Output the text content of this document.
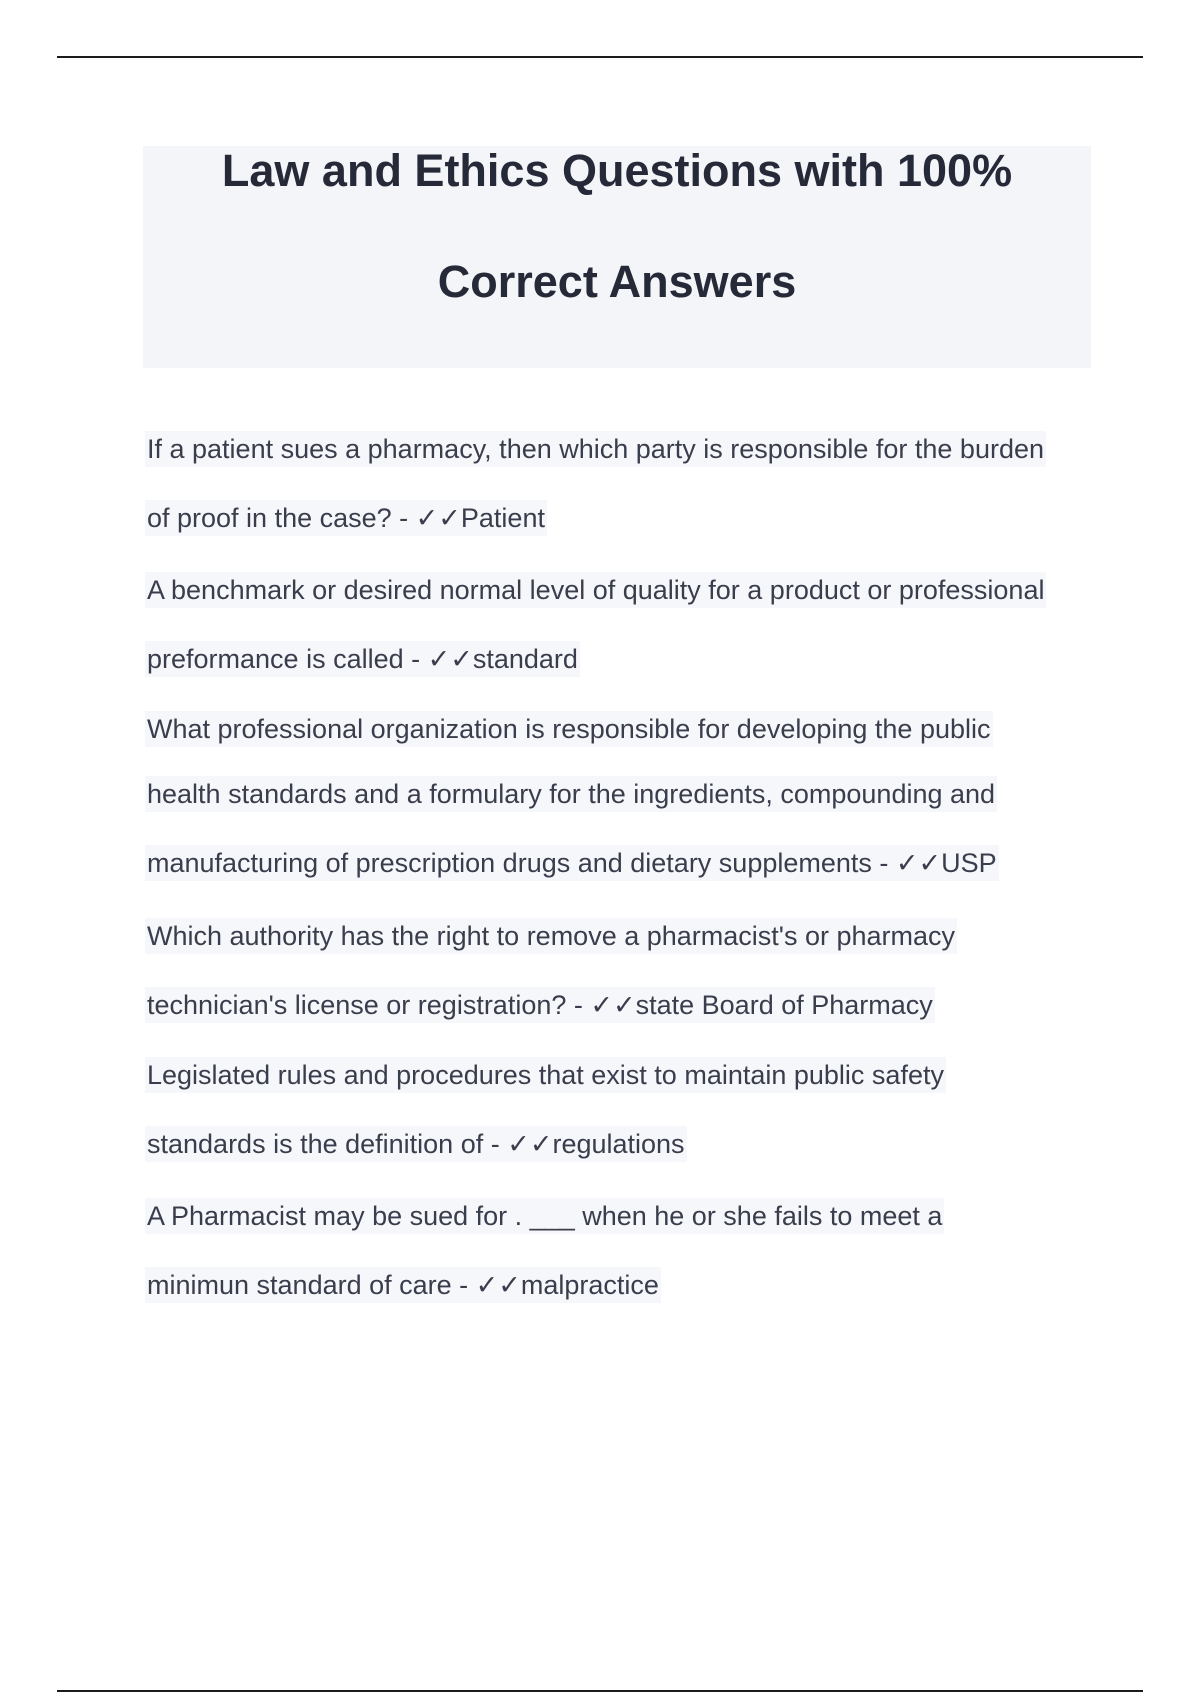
Law and Ethics Questions with 100%
Correct Answers
If a patient sues a pharmacy, then which party is responsible for the burden
of proof in the case? - ✓✓Patient
A benchmark or desired normal level of quality for a product or professional
preformance is called - ✓✓standard
What professional organization is responsible for developing the public
health standards and a formulary for the ingredients, compounding and
manufacturing of prescription drugs and dietary supplements - ✓✓USP
Which authority has the right to remove a pharmacist's or pharmacy
technician's license or registration? - ✓✓state Board of Pharmacy
Legislated rules and procedures that exist to maintain public safety
standards is the definition of - ✓✓regulations
A Pharmacist may be sued for . ___ when he or she fails to meet a
minimun standard of care - ✓✓malpractice
